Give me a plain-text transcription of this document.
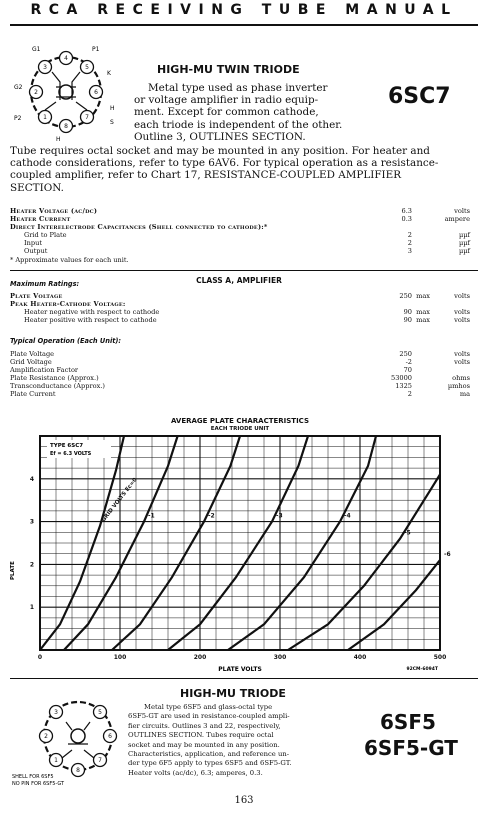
RCA RECEIVING TUBE MANUAL
3	5
2	6
1	7
8
4
G1	P1
G2
P2
K
H
H
S
HIGH-MU TWIN TRIODE
6SC7
Metal type used as phase inverter
or voltage amplifier in radio equip-
ment. Except for common cathode,
each triode is independent of the other.
Outline 3, OUTLINES SECTION.
Tube requires octal socket and may be mounted in any position. For heater and
cathode considerations, refer to type 6AV6. For typical operation as a resistance-
coupled amplifier, refer to Chart 17, RESISTANCE-COUPLED AMPLIFIER
SECTION.
Heater Voltage (ac/dc)	6.3	volts
Heater Current	0.3	ampere
Direct Interelectrode Capacitances (Shell connected to cathode):*
Grid to Plate	2	µµf
Input	2	µµf
Output	3	µµf
* Approximate values for each unit.
Maximum Ratings:	CLASS A, AMPLIFIER
Plate Voltage	250 max	volts
Peak Heater-Cathode Voltage:
Heater negative with respect to cathode	90 max	volts
Heater positive with respect to cathode	90 max	volts
Typical Operation (Each Unit):
Plate Voltage	250	volts
Grid Voltage	-2	volts
Amplification Factor	70
Plate Resistance (Approx.)	53000	ohms
Transconductance (Approx.)	1325	µmhos
Plate Current	2	ma
AVERAGE PLATE CHARACTERISTICS
EACH TRIODE UNIT
GRID VOLTS Ec=0 -1	-2	-3	-4
-5
-6
0	100	200	300	400	500
1
2
3
4
TYPE 6SC7
Ef = 6.3 VOLTS
PLATE
PLATE VOLTS	92CM-6094T
5
6
7
8
1
3
2
SHELL FOR 6SF5
NO PIN FOR 6SF5-GT
HIGH-MU TRIODE
6SF5
6SF5-GT
Metal type 6SF5 and glass-octal type
6SF5-GT are used in resistance-coupled ampli-
fier circuits. Outlines 3 and 22, respectively,
OUTLINES SECTION. Tubes require octal
socket and may be mounted in any position.
Characteristics, application, and reference un-
der type 6F5 apply to types 6SF5 and 6SF5-GT.
Heater volts (ac/dc), 6.3; amperes, 0.3.
163
